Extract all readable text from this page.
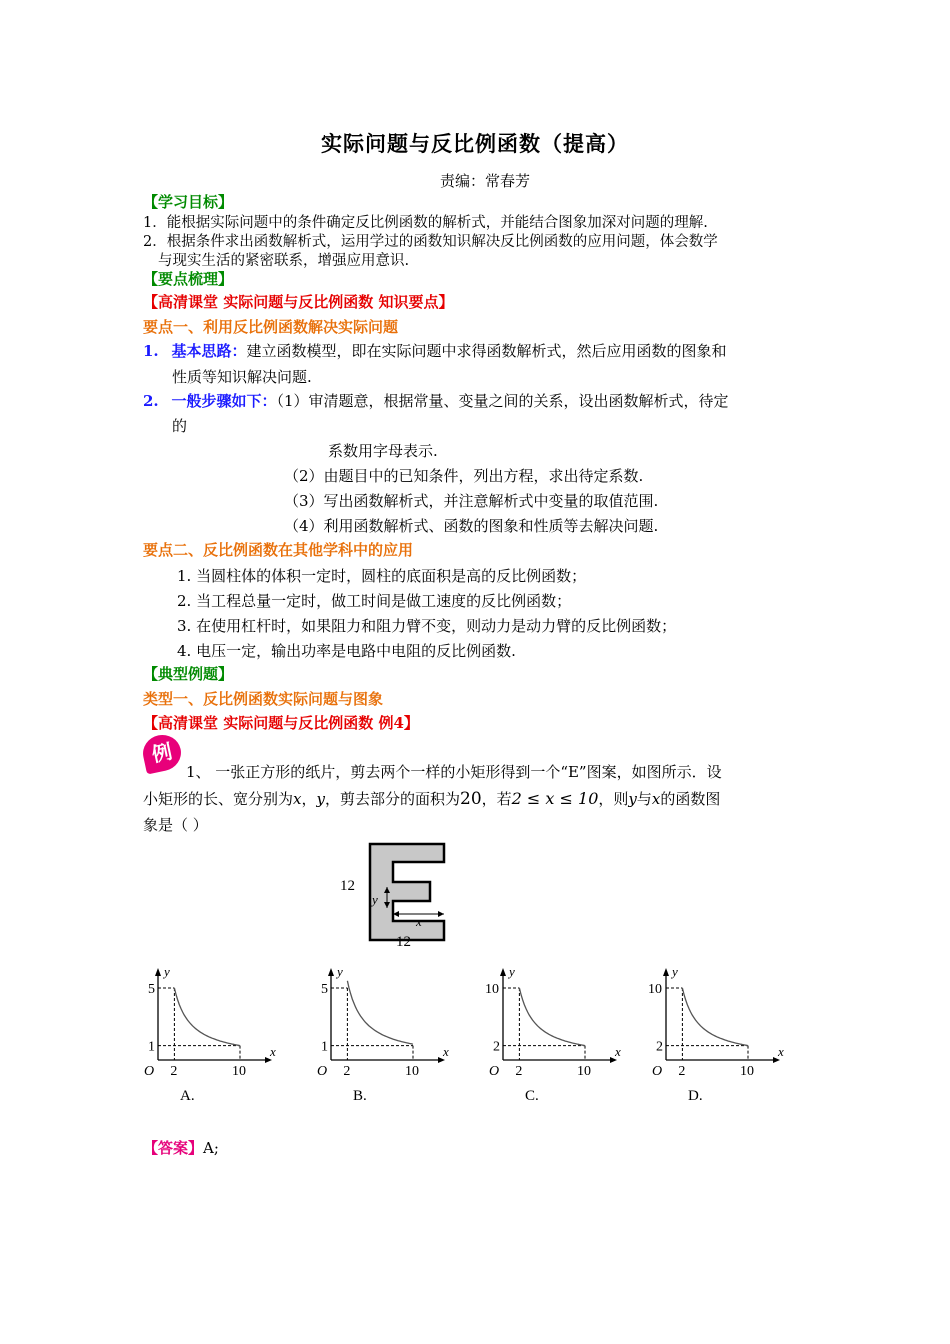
实际问题与反比例函数（提高）
责编：常春芳
【学习目标】
1．能根据实际问题中的条件确定反比例函数的解析式，并能结合图象加深对问题的理解.
2．根据条件求出函数解析式，运用学过的函数知识解决反比例函数的应用问题，体会数学
与现实生活的紧密联系，增强应用意识.
【要点梳理】
【高清课堂 实际问题与反比例函数 知识要点】
要点一、利用反比例函数解决实际问题
1. 基本思路：建立函数模型，即在实际问题中求得函数解析式，然后应用函数的图象和
性质等知识解决问题.
2. 一般步骤如下：（1）审清题意，根据常量、变量之间的关系，设出函数解析式，待定
的
系数用字母表示.
（2）由题目中的已知条件，列出方程，求出待定系数.
（3）写出函数解析式，并注意解析式中变量的取值范围.
（4）利用函数解析式、函数的图象和性质等去解决问题.
要点二、反比例函数在其他学科中的应用
1. 当圆柱体的体积一定时，圆柱的底面积是高的反比例函数；
2. 当工程总量一定时，做工时间是做工速度的反比例函数；
3. 在使用杠杆时，如果阻力和阻力臂不变，则动力是动力臂的反比例函数；
4. 电压一定，输出功率是电路中电阻的反比例函数.
【典型例题】
类型一、反比例函数实际问题与图象
【高清课堂 实际问题与反比例函数 例4】
例
1、 一张正方形的纸片，剪去两个一样的小矩形得到一个“E”图案，如图所示．设
小矩形的长、宽分别为x，y，剪去部分的面积为20，若2 ≤ x ≤ 10，则y与x的函数图
象是（ ）
12
12
y
x
y
x
O
5
1
2	10
A.
y
x
O
5
1
2	10
B.
y
x
O
10
2
2	10
C.
y
x
O
10
2
2	10
D.
【答案】A;
